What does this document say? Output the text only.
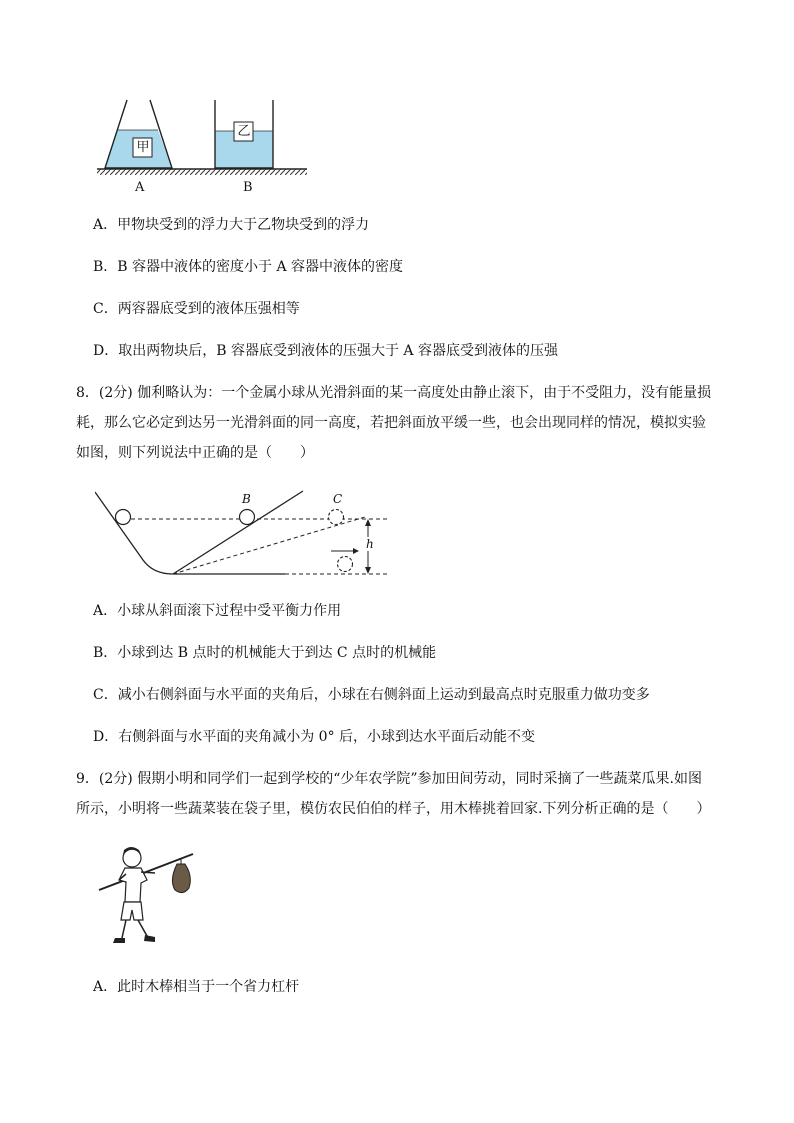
甲
乙
A	B
A．甲物块受到的浮力大于乙物块受到的浮力
B．B 容器中液体的密度小于 A 容器中液体的密度
C．两容器底受到的液体压强相等
D．取出两物块后，B 容器底受到液体的压强大于 A 容器底受到液体的压强
8．(2分) 伽利略认为：一个金属小球从光滑斜面的某一高度处由静止滚下，由于不受阻力，没有能量损
耗，那么它必定到达另一光滑斜面的同一高度，若把斜面放平缓一些，也会出现同样的情况，模拟实验
如图，则下列说法中正确的是（　　）
B	C
h
A．小球从斜面滚下过程中受平衡力作用
B．小球到达 B 点时的机械能大于到达 C 点时的机械能
C．减小右侧斜面与水平面的夹角后，小球在右侧斜面上运动到最高点时克服重力做功变多
D．右侧斜面与水平面的夹角减小为 0° 后，小球到达水平面后动能不变
9．(2分) 假期小明和同学们一起到学校的“少年农学院”参加田间劳动，同时采摘了一些蔬菜瓜果.如图
所示，小明将一些蔬菜装在袋子里，模仿农民伯伯的样子，用木棒挑着回家.下列分析正确的是（　　）
A．此时木棒相当于一个省力杠杆
